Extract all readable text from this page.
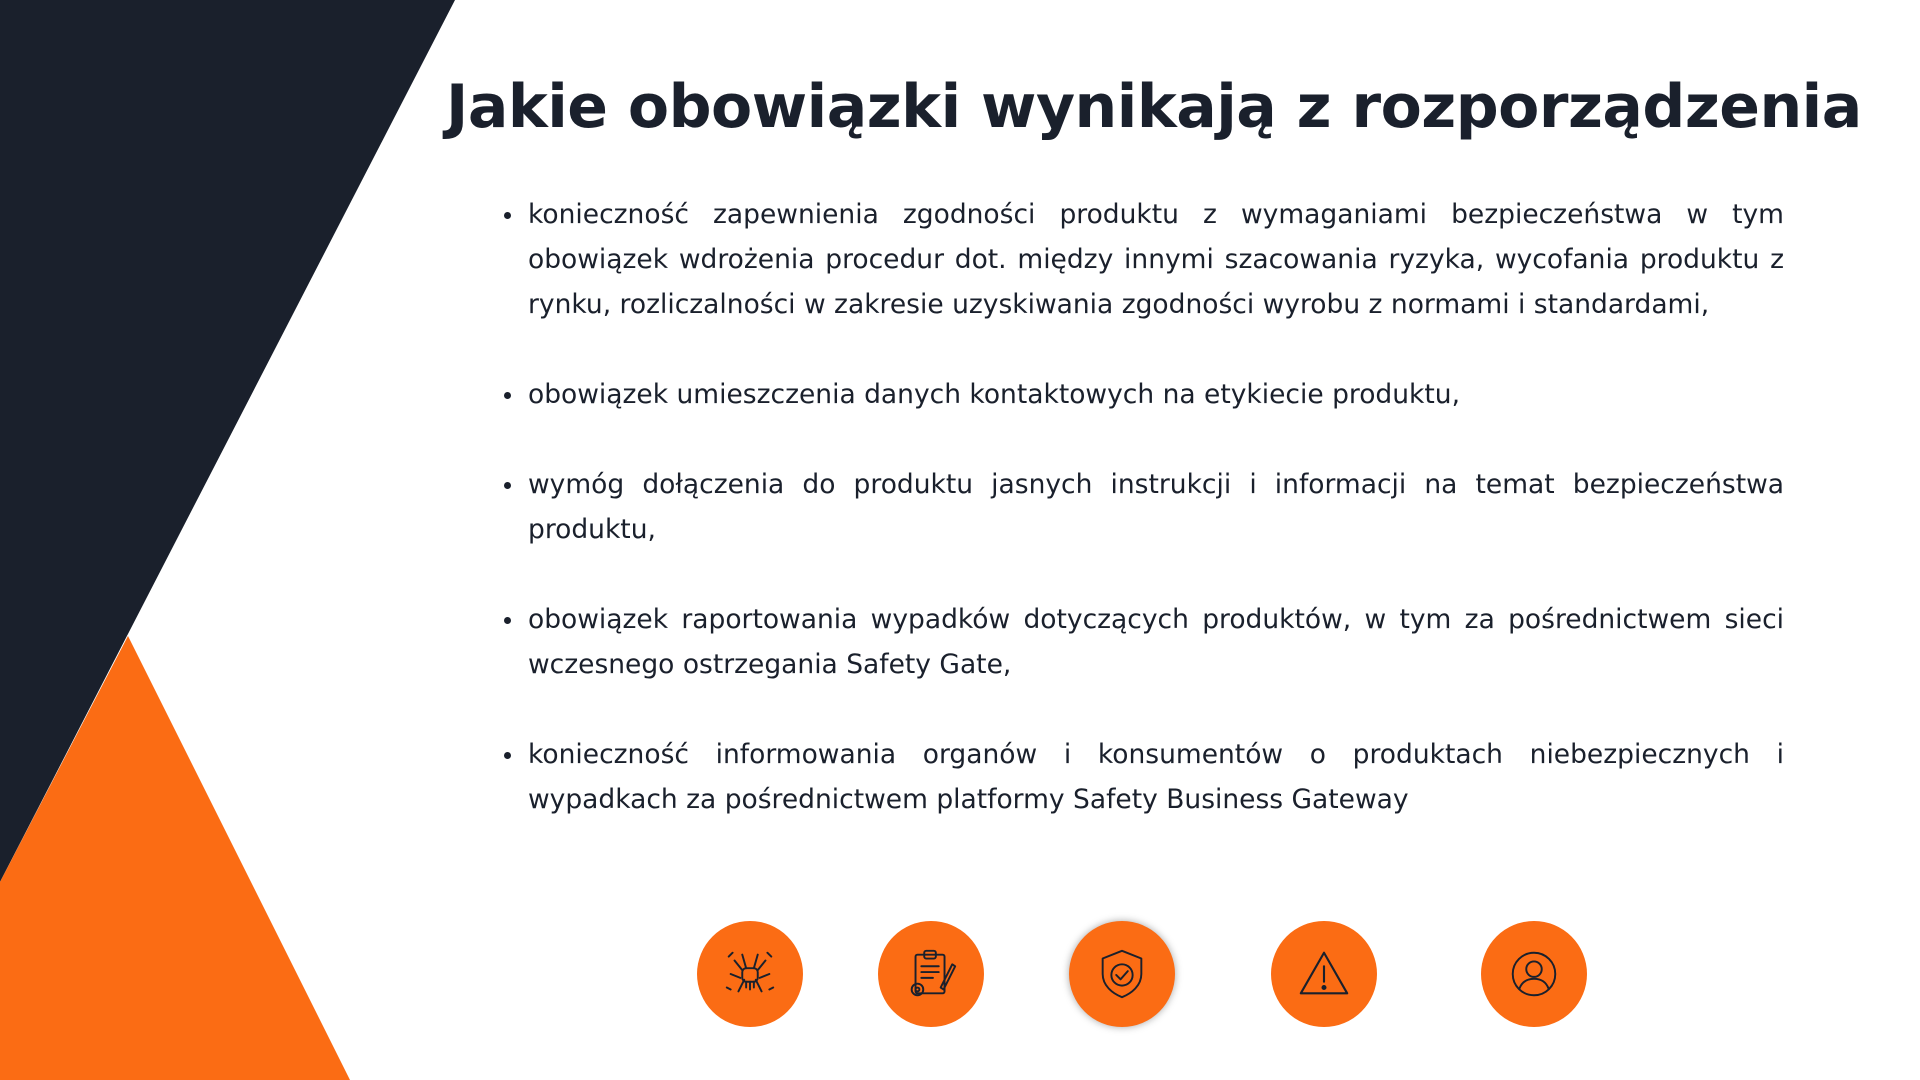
Jakie obowiązki wynikają z rozporządzenia
konieczność zapewnienia zgodności produktu z wymaganiami bezpieczeństwa w tym obowiązek wdrożenia procedur dot. między innymi szacowania ryzyka, wycofania produktu z rynku, rozliczalności w zakresie uzyskiwania zgodności wyrobu z normami i standardami,
obowiązek umieszczenia danych kontaktowych na etykiecie produktu,
wymóg dołączenia do produktu jasnych instrukcji i informacji na temat bezpieczeństwa produktu,
obowiązek raportowania wypadków dotyczących produktów, w tym za pośrednictwem sieci wczesnego ostrzegania Safety Gate,
konieczność informowania organów i konsumentów o produktach niebezpiecznych i wypadkach za pośrednictwem platformy Safety Business Gateway
